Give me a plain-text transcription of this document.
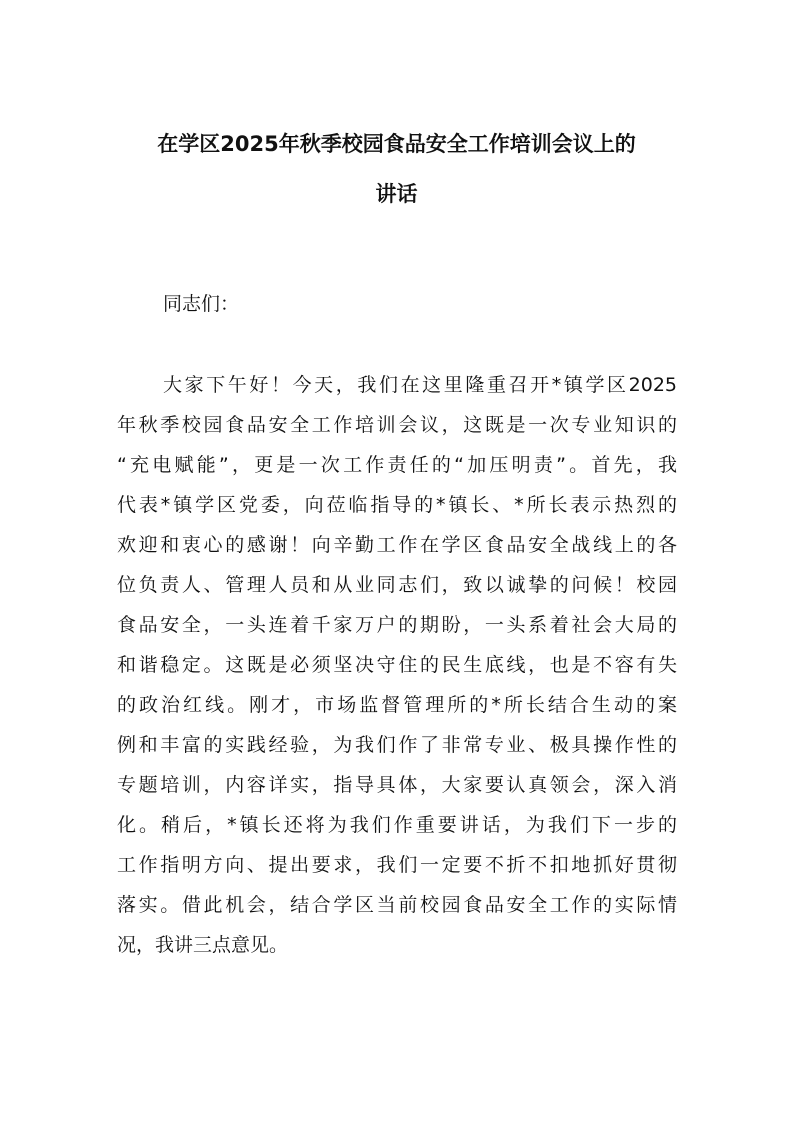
在学区2025年秋季校园食品安全工作培训会议上的
讲话

同志们：

大家下午好！今天，我们在这里隆重召开*镇学区2025

年秋季校园食品安全工作培训会议，这既是一次专业知识的

“充电赋能”，更是一次工作责任的“加压明责”。首先，我

代表*镇学区党委，向莅临指导的*镇长、*所长表示热烈的

欢迎和衷心的感谢！向辛勤工作在学区食品安全战线上的各

位负责人、管理人员和从业同志们，致以诚挚的问候！校园

食品安全，一头连着千家万户的期盼，一头系着社会大局的

和谐稳定。这既是必须坚决守住的民生底线，也是不容有失

的政治红线。刚才，市场监督管理所的*所长结合生动的案

例和丰富的实践经验，为我们作了非常专业、极具操作性的

专题培训，内容详实，指导具体，大家要认真领会，深入消

化。稍后，*镇长还将为我们作重要讲话，为我们下一步的

工作指明方向、提出要求，我们一定要不折不扣地抓好贯彻

落实。借此机会，结合学区当前校园食品安全工作的实际情

况，我讲三点意见。
